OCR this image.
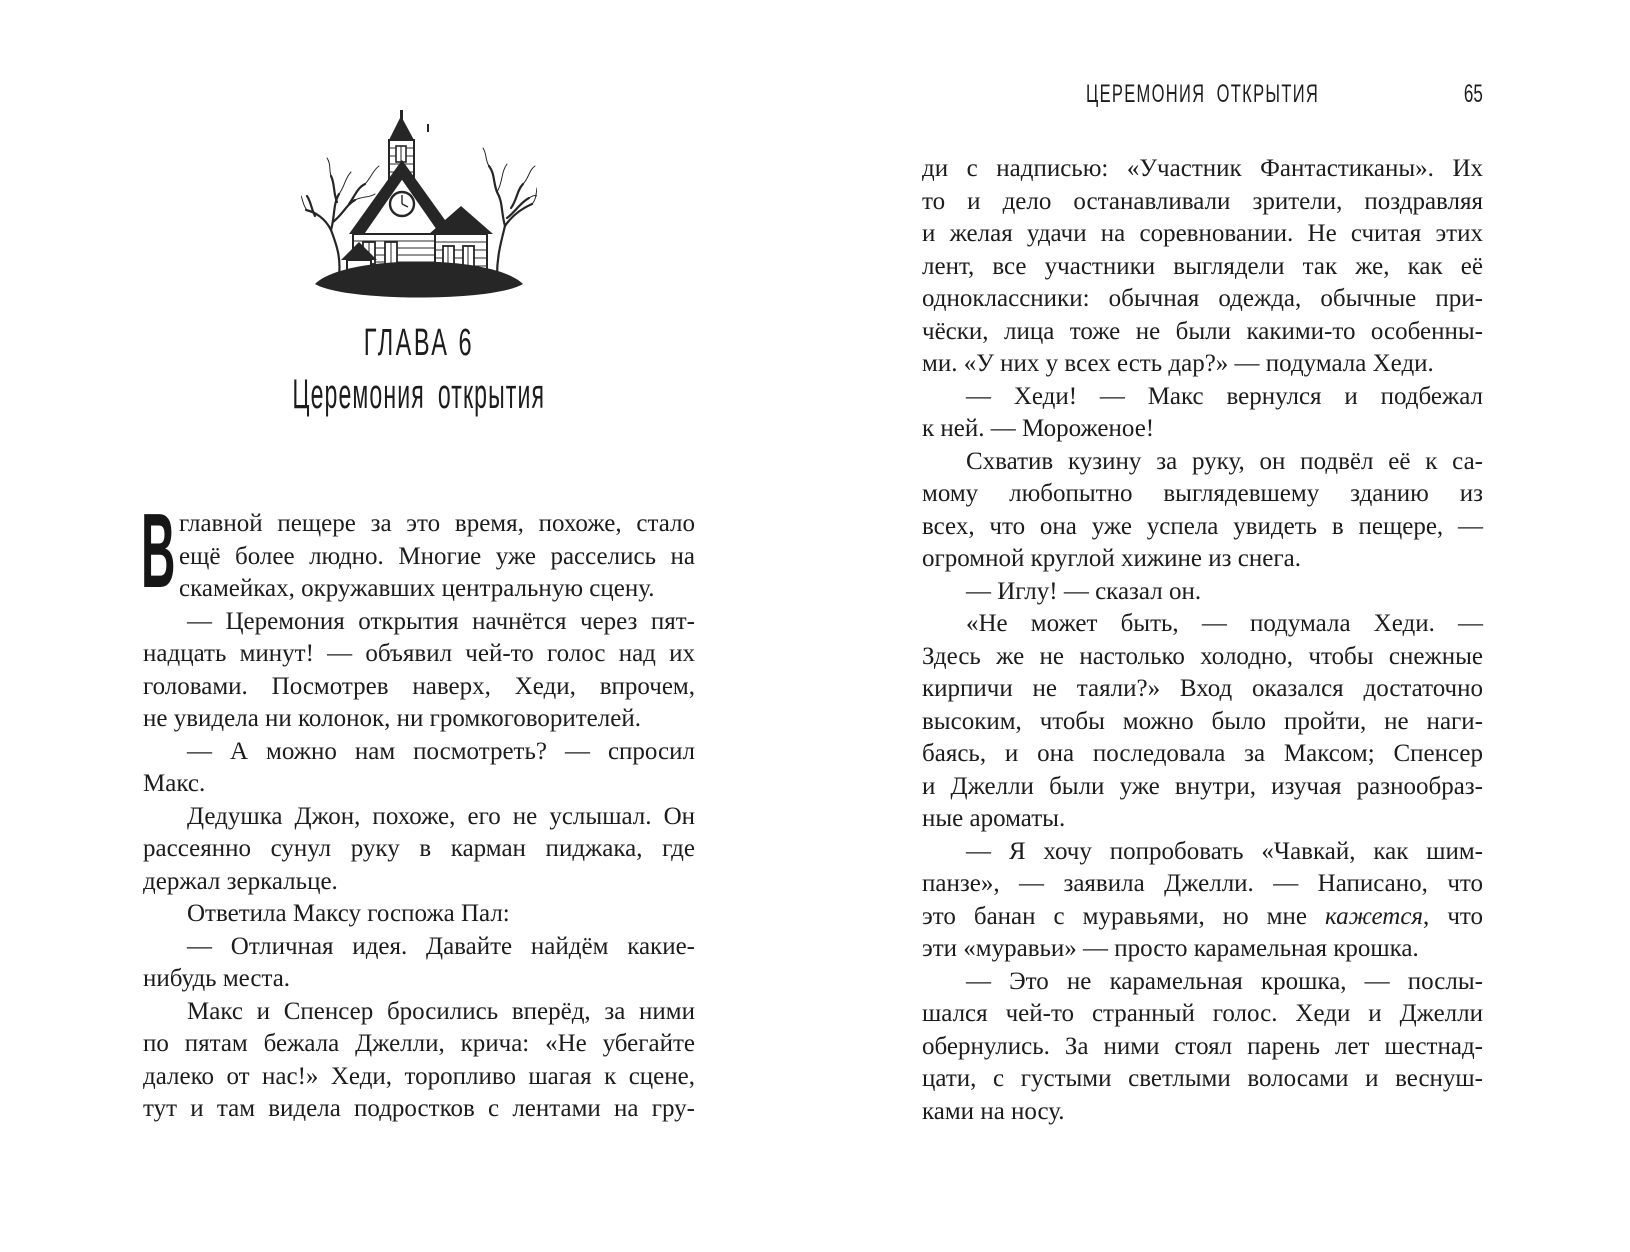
ГЛАВА 6
Церемония открытия
В главной пещере за это время, похоже, стало
ещё более людно. Многие уже расселись на
скамейках, окружавших центральную сцену.
— Церемония открытия начнётся через пят-
надцать минут! — объявил чей-то голос над их
головами. Посмотрев наверх, Хеди, впрочем,
не увидела ни колонок, ни громкоговорителей.
— А можно нам посмотреть? — спросил
Макс.
Дедушка Джон, похоже, его не услышал. Он
рассеянно сунул руку в карман пиджака, где
держал зеркальце.
Ответила Максу госпожа Пал:
— Отличная идея. Давайте найдём какие-
нибудь места.
Макс и Спенсер бросились вперёд, за ними
по пятам бежала Джелли, крича: «Не убегайте
далеко от нас!» Хеди, торопливо шагая к сцене,
тут и там видела подростков с лентами на гру-
ЦЕРЕМОНИЯ ОТКРЫТИЯ	65
ди с надписью: «Участник Фантастиканы». Их
то и дело останавливали зрители, поздравляя
и желая удачи на соревновании. Не считая этих
лент, все участники выглядели так же, как её
одноклассники: обычная одежда, обычные при-
чёски, лица тоже не были какими-то особенны-
ми. «У них у всех есть дар?» — подумала Хеди.
— Хеди! — Макс вернулся и подбежал
к ней. — Мороженое!
Схватив кузину за руку, он подвёл её к са-
мому любопытно выглядевшему зданию из
всех, что она уже успела увидеть в пещере, —
огромной круглой хижине из снега.
— Иглу! — сказал он.
«Не может быть, — подумала Хеди. —
Здесь же не настолько холодно, чтобы снежные
кирпичи не таяли?» Вход оказался достаточно
высоким, чтобы можно было пройти, не наги-
баясь, и она последовала за Максом; Спенсер
и Джелли были уже внутри, изучая разнообраз-
ные ароматы.
— Я хочу попробовать «Чавкай, как шим-
панзе», — заявила Джелли. — Написано, что
это банан с муравьями, но мне кажется, что
эти «муравьи» — просто карамельная крошка.
— Это не карамельная крошка, — послы-
шался чей-то странный голос. Хеди и Джелли
обернулись. За ними стоял парень лет шестнад-
цати, с густыми светлыми волосами и веснуш-
ками на носу.
